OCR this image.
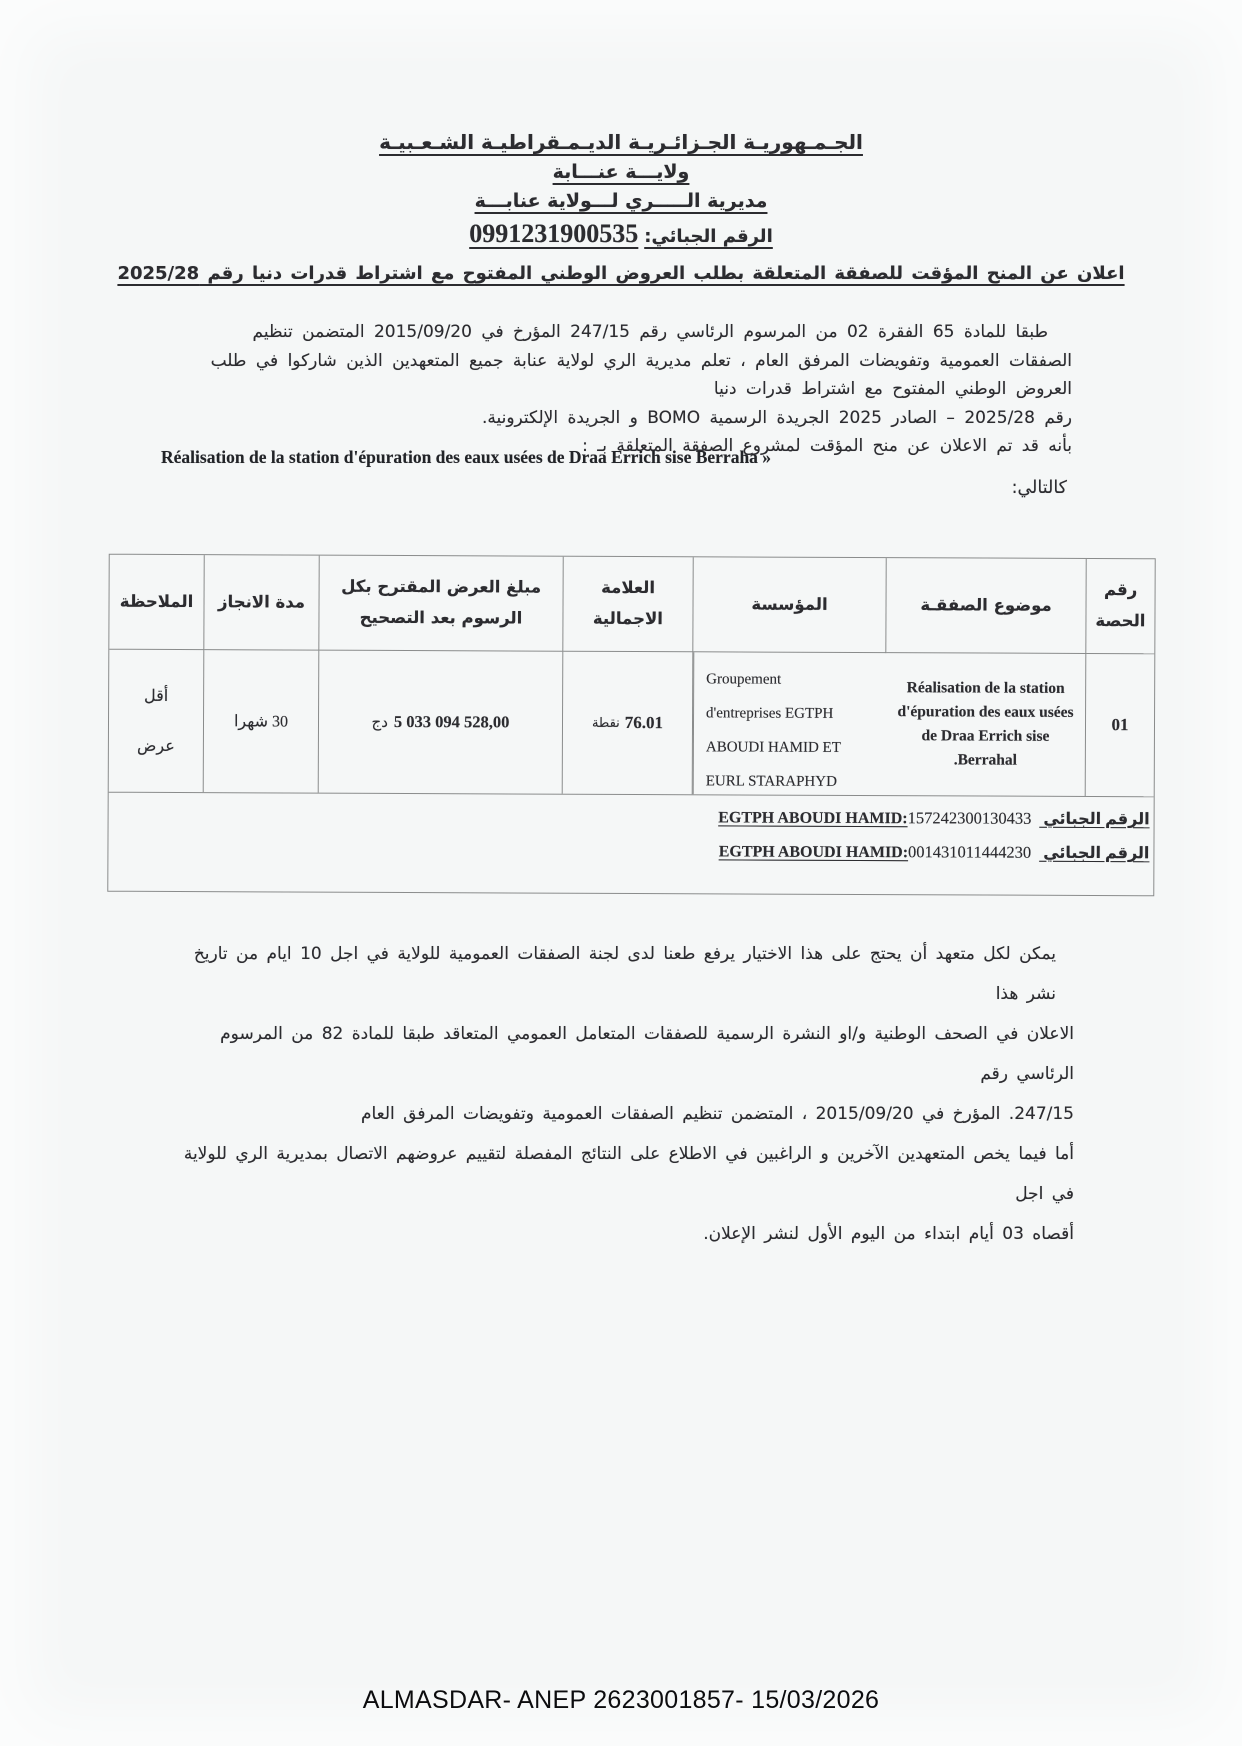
الجـمـهوريـة الجـزائـريـة الديـمـقراطيـة الشـعـبيـة
ولايـــة عنـــابة
مديرية الـــــري لـــولاية عنابـــة
الرقم الجبائي:0991231900535
اعلان عن المنح المؤقت للصفقة المتعلقة بطلب العروض الوطني المفتوح مع اشتراط قدرات دنيا رقم 2025/28
طبقا للمادة 65 الفقرة 02 من المرسوم الرئاسي رقم 247/15 المؤرخ في 2015/09/20 المتضمن تنظيم
الصفقات العمومية وتفويضات المرفق العام ، تعلم مديرية الري لولاية عنابة جميع المتعهدين الذين شاركوا في طلب
العروض الوطني المفتوح مع اشتراط قدرات دنيا
رقم 2025/28 – الصادر 2025 الجريدة الرسمية BOMO و الجريدة الإلكترونية.
بأنه قد تم الاعلان عن منح المؤقت لمشروع الصفقة المتعلقة بـ :
Réalisation de la station d'épuration des eaux usées de Draa Errich sise Berraha »
كالتالي:
رقم الحصة
موضوع الصفقـة
المؤسسة
العلامة الاجمالية
مبلغ العرض المقترح بكل الرسوم بعد التصحيح
مدة الانجاز
الملاحظة
01
Réalisation de la station d'épuration des eaux usées de Draa Errich sise Berrahal.
Groupement d'entreprises EGTPH ABOUDI HAMID ET EURL STARAPHYD
76.01
نقطة
5 033 094 528,00
دج
30 شهرا
أقل عرض
الرقم الجبائي EGTPH ABOUDI HAMID:157242300130433
الرقم الجبائي EGTPH ABOUDI HAMID:001431011444230
يمكن لكل متعهد أن يحتج على هذا الاختيار يرفع طعنا لدى لجنة الصفقات العمومية للولاية في اجل 10 ايام من تاريخ نشر هذا
الاعلان في الصحف الوطنية و/او النشرة الرسمية للصفقات المتعامل العمومي المتعاقد طبقا للمادة 82 من المرسوم الرئاسي رقم
247/15. المؤرخ في 2015/09/20 ، المتضمن تنظيم الصفقات العمومية وتفويضات المرفق العام
أما فيما يخص المتعهدين الآخرين و الراغبين في الاطلاع على النتائج المفصلة لتقييم عروضهم الاتصال بمديرية الري للولاية في اجل
أقصاه 03 أيام ابتداء من اليوم الأول لنشر الإعلان.
ALMASDAR- ANEP 2623001857- 15/03/2026
